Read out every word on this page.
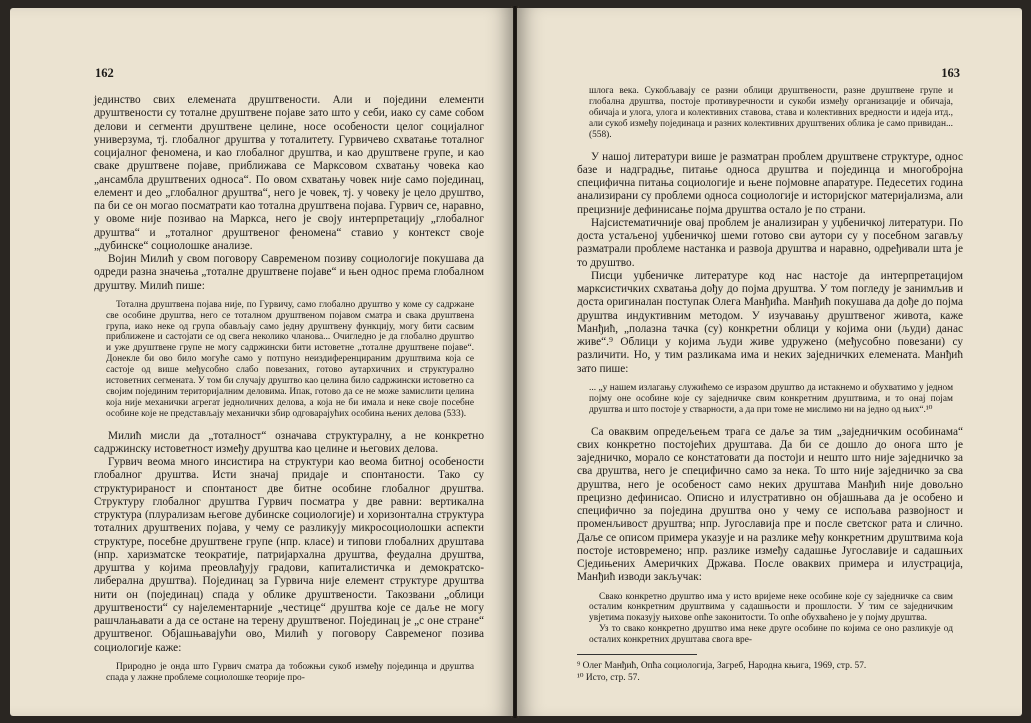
162

јединство свих елемената друштвености. Али и поједини елементи друштвености су тоталне друштвене појаве зато што у себи, иако су саме собом делови и сегменти друштвене целине, носе особености целог социјалног универзума, тј. глобалног друштва у тоталитету. Гурвичево схватање тоталног социјалног феномена, и као глобалног друштва, и као друштвене групе, и као сваке друштвене појаве, приближава се Марксовом схватању човека као „ансамбла друштвених односа“. По овом схватању човек није само појединац, елемент и део „глобалног друштва“, него је човек, тј. у човеку је цело друштво, па би се он могао посматрати као тотална друштвена појава. Гурвич се, наравно, у овоме није позивао на Маркса, него је своју интерпретацију „глобалног друштва“ и „тоталног друштвеног феномена“ ставио у контекст своје „дубинске“ социолошке анализе.

Војин Милић у свом поговору Савременом позиву социологије покушава да одреди разна значења „тоталне друштвене појаве“ и њен однос према глобалном друштву. Милић пише:

Тотална друштвена појава није, по Гурвичу, само глобално друштво у коме су садржане све особине друштва, него се тоталном друштвеном појавом сматра и свака друштвена група, иако неке од група обављају само једну друштвену функцију, могу бити сасвим приближене и састојати се од свега неколико чланова... Очигледно је да глобално друштво и уже друштвене групе не могу садржински бити истоветне „тоталне друштвене појаве“. Донекле би ово било могуће само у потпуно неиздиференцираним друштвима која се састоје од више међусобно слабо повезаних, готово аутархичних и структурално истоветних сегмената. У том би случају друштво као целина било садржински истоветно са својим појединим територијалним деловима. Ипак, готово да се не може замислити целина која није механички агрегат једноличних делова, а која не би имала и неке своје посебне особине које не представљају механички збир одговарајућих особина њених делова (533).

Милић мисли да „тоталност“ означава структуралну, а не конкретно садржинску истоветност између друштва као целине и његових делова.

Гурвич веома много инсистира на структури као веома битној особености глобалног друштва. Исти значај придаје и спонтаности. Тако су структурираност и спонтаност две битне особине глобалног друштва. Структуру глобалног друштва Гурвич посматра у две равни: вертикална структура (плурализам његове дубинске социологије) и хоризонтална структура тоталних друштвених појава, у чему се разликују микросоциолошки аспекти структуре, посебне друштвене групе (нпр. класе) и типови глобалних друштава (нпр. харизматске теократије, патријархална друштва, феудална друштва, друштва у којима преовлађују градови, капиталистичка и демократско-либерална друштва). Појединац за Гурвича није елемент структуре друштва нити он (појединац) спада у облике друштвености. Такозвани „облици друштвености“ су најелементарније „честице“ друштва које се даље не могу рашчлањавати а да се остане на терену друштвеног. Појединац је „с оне стране“ друштвеног. Објашњавајући ово, Милић у поговору Савременог позива социологије каже:

Природно је онда што Гурвич сматра да тобожњи сукоб између појединца и друштва спада у лажне проблеме социолошке теорије про-

163

шлога века. Сукобљавају се разни облици друштвености, разне друштвене групе и глобална друштва, постоје противуречности и сукоби између организације и обичаја, обичаја и улога, улога и колективних ставова, става и колективних вредности и идеја итд., али сукоб између појединаца и разних колективних друштвених облика је само привидан... (558).

У нашој литератури више је разматран проблем друштвене структуре, однос базе и надградње, питање односа друштва и појединца и многобројна специфична питања социологије и њене појмовне апаратуре. Педесетих година анализирани су проблеми односа социологије и историјског материјализма, али прецизније дефинисање појма друштва остало је по страни.

Најсистематичније овај проблем је анализиран у уџбеничкој литератури. По доста устаљеној уџбеничкој шеми готово сви аутори су у посебном загављу разматрали проблеме настанка и развоја друштва и наравно, одређивали шта је то друштво.

Писци уџбеничке литературе код нас настоје да интерпретацијом марксистичких схватања дођу до појма друштва. У том погледу је занимљив и доста оригиналан поступак Олега Манђића. Манђић покушава да дође до појма друштва индуктивним методом. У изучавању друштвеног живота, каже Манђић, „полазна тачка (су) конкретни облици у којима они (људи) данас живе“.⁹ Облици у којима људи живе удружено (међусобно повезани) су различити. Но, у тим разликама има и неких заједничких елемената. Манђић зато пише:

... „у нашем излагању служићемо се изразом друштво да истакнемо и обухватимо у једном појму оне особине које су заједничке свим конкретним друштвима, и то онај појам друштва и што постоје у стварности, а да при томе не мислимо ни на једно од њих“.¹⁰

Са оваквим опредељењем трага се даље за тим „заједничким особинама“ свих конкретно постојећих друштава. Да би се дошло до онога што је заједничко, морало се констатовати да постоји и нешто што није заједничко за сва друштва, него је специфично само за нека. То што није заједничко за сва друштва, него је особеност само неких друштава Манђић није довољно прецизно дефинисао. Описно и илустративно он објашњава да је особено и специфично за поједина друштва оно у чему се испољава развојност и променљивост друштва; нпр. Југославија пре и после светског рата и слично. Даље се описом примера указује и на разлике међу конкретним друштвима која постоје истовремено; нпр. разлике између садашње Југославије и садашњих Сједињених Америчких Држава. После оваквих примера и илустрација, Манђић изводи закључак:

Свако конкретно друштво има у исто вријеме неке особине које су заједничке са свим осталим конкретним друштвима у садашњости и прошлости. У тим се заједничким увјетима показују њихове опће законитости. То опће обухваћено је у појму друштва.

Уз то свако конкретно друштво има неке друге особине по којима се оно разликује од осталих конкретних друштава свога вре-

⁹ Олег Манђић, Опћа социологија, Загреб, Народна књига, 1969, стр. 57.

¹⁰ Исто, стр. 57.
